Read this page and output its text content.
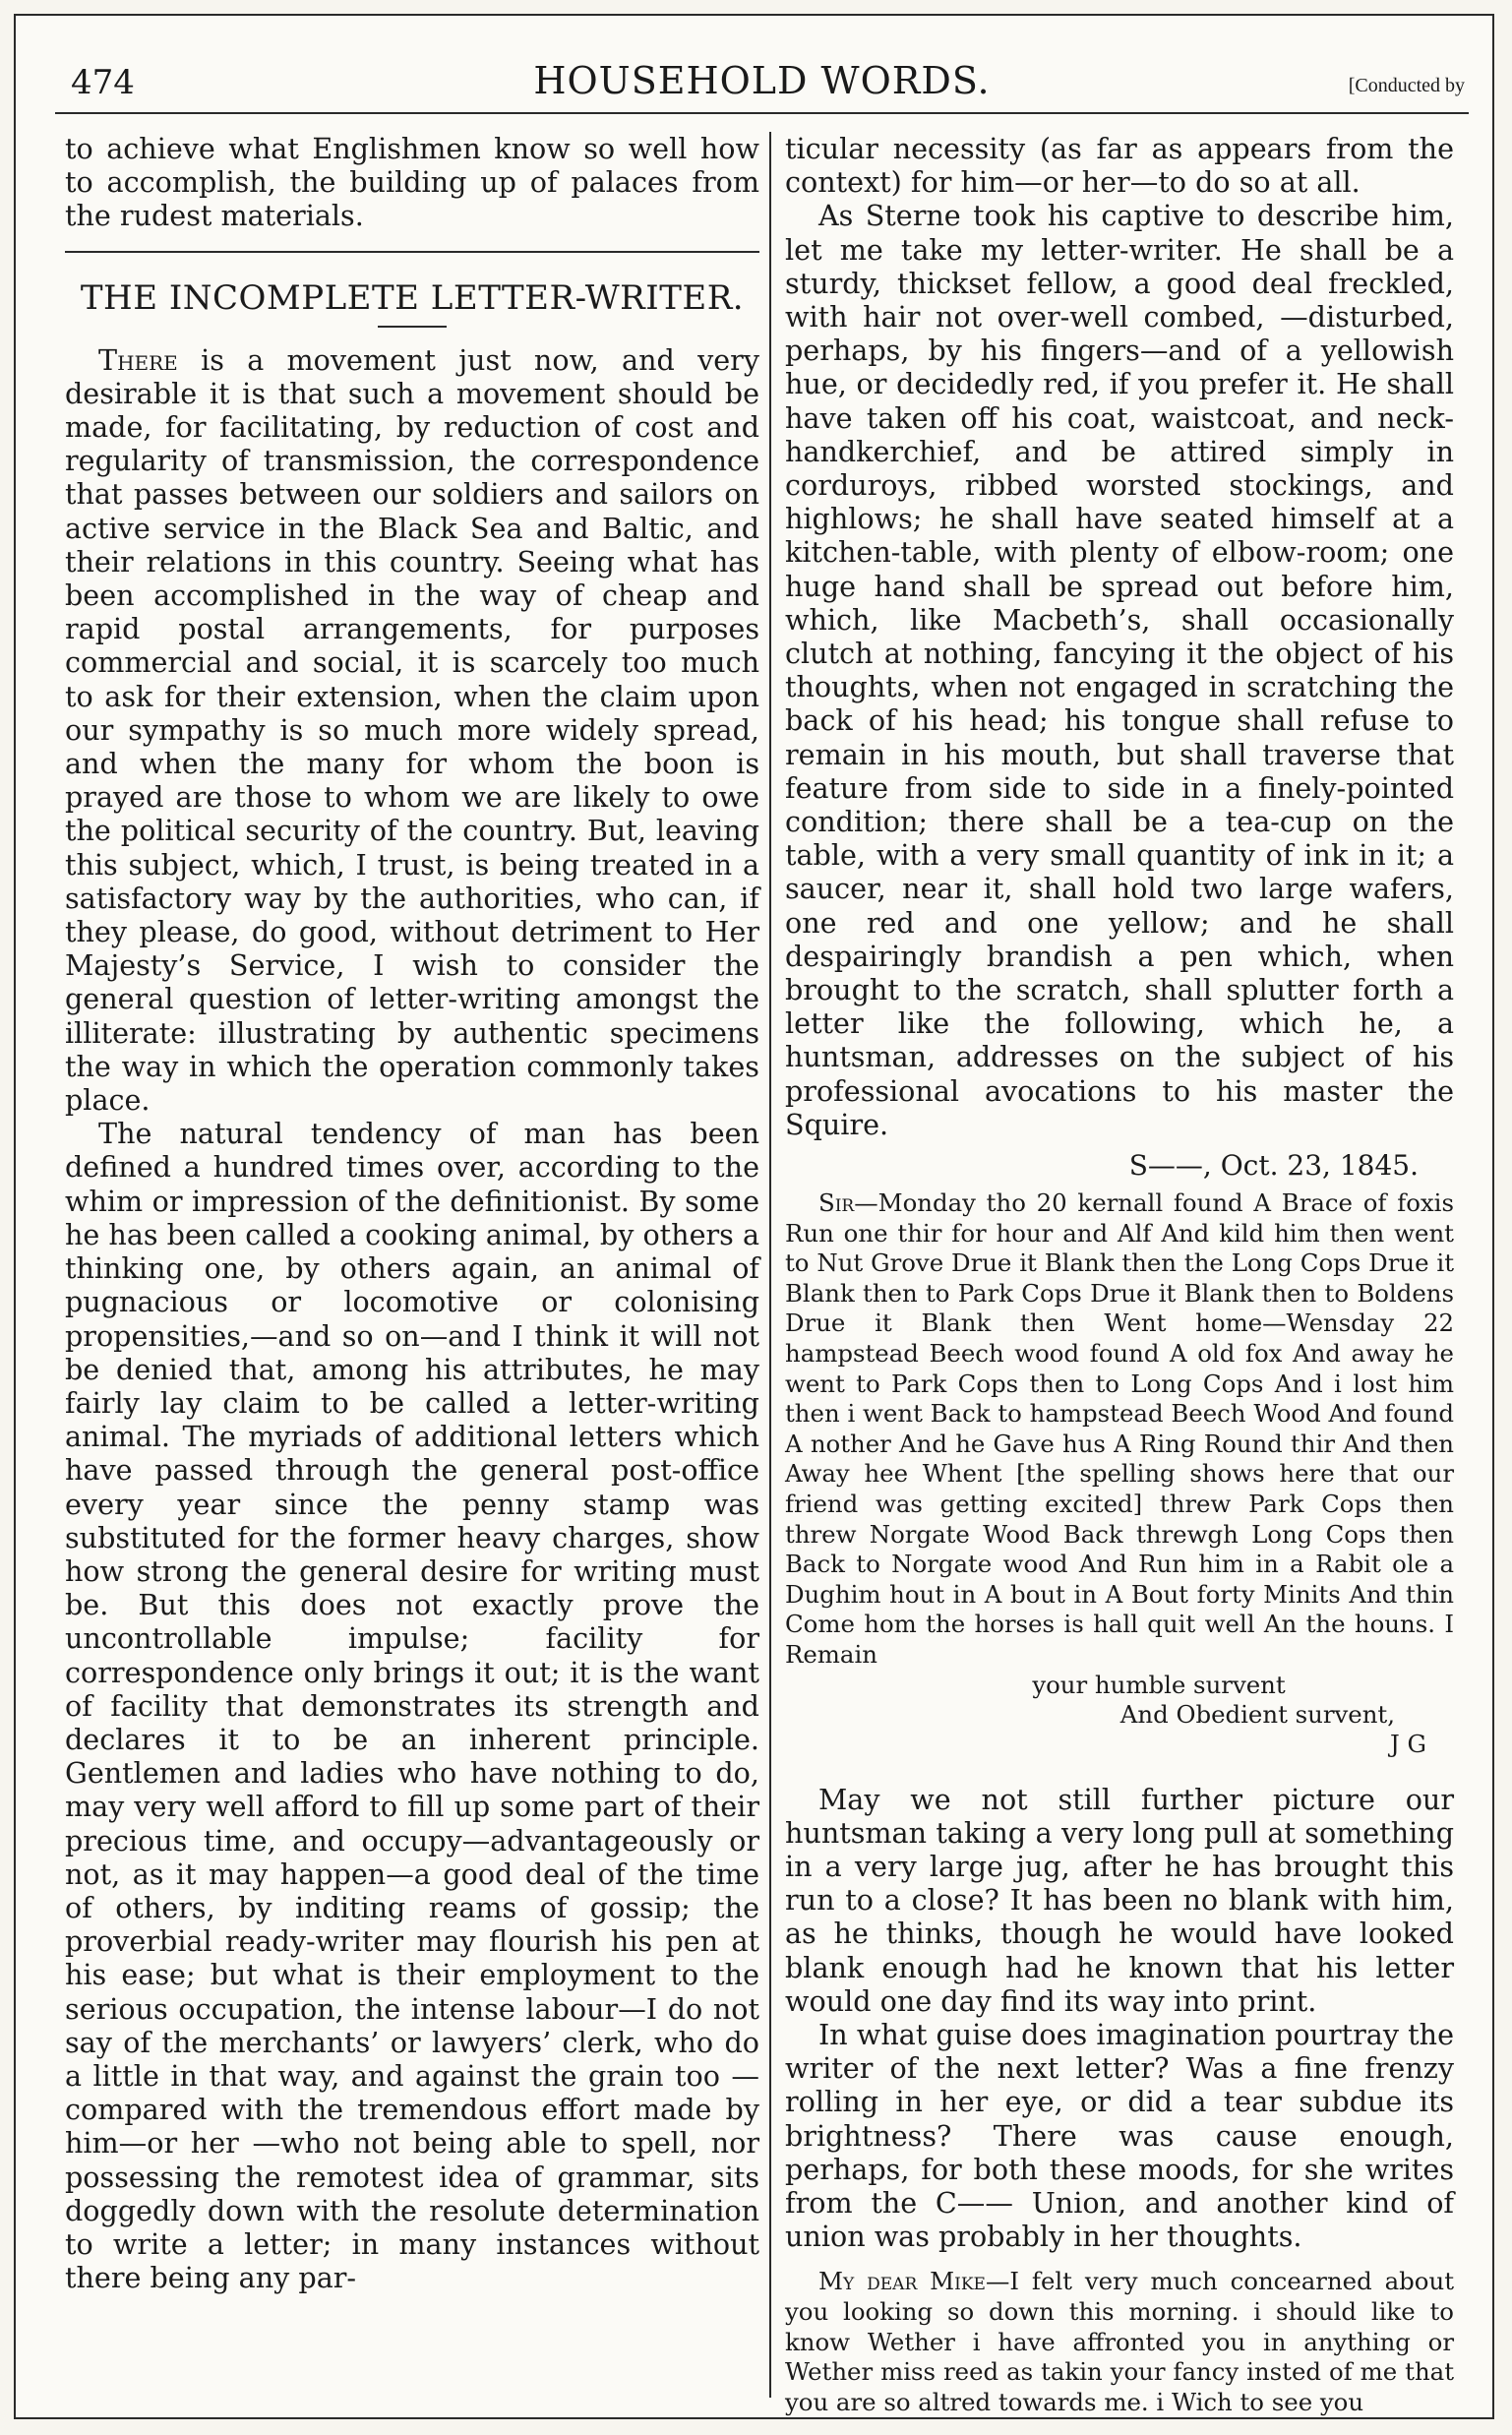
474	HOUSEHOLD WORDS.	[Conducted by

to achieve what Englishmen know so well how to accomplish, the building up of palaces from the rudest materials.

THE INCOMPLETE LETTER-WRITER.

There is a movement just now, and very desirable it is that such a movement should be made, for facilitating, by reduction of cost and regularity of transmission, the correspondence that passes between our soldiers and sailors on active service in the Black Sea and Baltic, and their relations in this country. Seeing what has been accomplished in the way of cheap and rapid postal arrangements, for purposes commercial and social, it is scarcely too much to ask for their extension, when the claim upon our sympathy is so much more widely spread, and when the many for whom the boon is prayed are those to whom we are likely to owe the political security of the country. But, leaving this subject, which, I trust, is being treated in a satisfactory way by the authorities, who can, if they please, do good, without detriment to Her Majesty’s Service, I wish to consider the general question of letter-writing amongst the illiterate: illustrating by authentic specimens the way in which the operation commonly takes place.

The natural tendency of man has been defined a hundred times over, according to the whim or impression of the definitionist. By some he has been called a cooking animal, by others a thinking one, by others again, an animal of pugnacious or locomotive or colonising propensities,—and so on—and I think it will not be denied that, among his attributes, he may fairly lay claim to be called a letter-writing animal. The myriads of additional letters which have passed through the general post-office every year since the penny stamp was substituted for the former heavy charges, show how strong the general desire for writing must be. But this does not exactly prove the uncontrollable impulse; facility for correspondence only brings it out; it is the want of facility that demonstrates its strength and declares it to be an inherent principle. Gentlemen and ladies who have nothing to do, may very well afford to fill up some part of their precious time, and occupy—advantageously or not, as it may happen—a good deal of the time of others, by inditing reams of gossip; the proverbial ready-writer may flourish his pen at his ease; but what is their employment to the serious occupation, the intense labour—I do not say of the merchants’ or lawyers’ clerk, who do a little in that way, and against the grain too — compared with the tremendous effort made by him—or her —who not being able to spell, nor possessing the remotest idea of grammar, sits doggedly down with the resolute determination to write a letter; in many instances without there being any par-

ticular necessity (as far as appears from the context) for him—or her—to do so at all.

As Sterne took his captive to describe him, let me take my letter-writer. He shall be a sturdy, thickset fellow, a good deal freckled, with hair not over-well combed, —disturbed, perhaps, by his fingers—and of a yellowish hue, or decidedly red, if you prefer it. He shall have taken off his coat, waistcoat, and neck-handkerchief, and be attired simply in corduroys, ribbed worsted stockings, and highlows; he shall have seated himself at a kitchen-table, with plenty of elbow-room; one huge hand shall be spread out before him, which, like Macbeth’s, shall occasionally clutch at nothing, fancying it the object of his thoughts, when not engaged in scratching the back of his head; his tongue shall refuse to remain in his mouth, but shall traverse that feature from side to side in a finely-pointed condition; there shall be a tea-cup on the table, with a very small quantity of ink in it; a saucer, near it, shall hold two large wafers, one red and one yellow; and he shall despairingly brandish a pen which, when brought to the scratch, shall splutter forth a letter like the following, which he, a huntsman, addresses on the subject of his professional avocations to his master the Squire.

S——, Oct. 23, 1845.

Sir—Monday tho 20 kernall found A Brace of foxis Run one thir for hour and Alf And kild him then went to Nut Grove Drue it Blank then the Long Cops Drue it Blank then to Park Cops Drue it Blank then to Boldens Drue it Blank then Went home—Wensday 22 hampstead Beech wood found A old fox And away he went to Park Cops then to Long Cops And i lost him then i went Back to hampstead Beech Wood And found A nother And he Gave hus A Ring Round thir And then Away hee Whent [the spelling shows here that our friend was getting excited] threw Park Cops then threw Norgate Wood Back threwgh Long Cops then Back to Norgate wood And Run him in a Rabit ole a Dughim hout in A bout in A Bout forty Minits And thin Come hom the horses is hall quit well An the houns. I Remain

your humble survent
And Obedient survent,
J G

May we not still further picture our huntsman taking a very long pull at something in a very large jug, after he has brought this run to a close? It has been no blank with him, as he thinks, though he would have looked blank enough had he known that his letter would one day find its way into print.

In what guise does imagination pourtray the writer of the next letter? Was a fine frenzy rolling in her eye, or did a tear subdue its brightness? There was cause enough, perhaps, for both these moods, for she writes from the C—— Union, and another kind of union was probably in her thoughts.

My dear Mike—I felt very much concearned about you looking so down this morning. i should like to know Wether i have affronted you in anything or Wether miss reed as takin your fancy insted of me that you are so altred towards me. i Wich to see you
